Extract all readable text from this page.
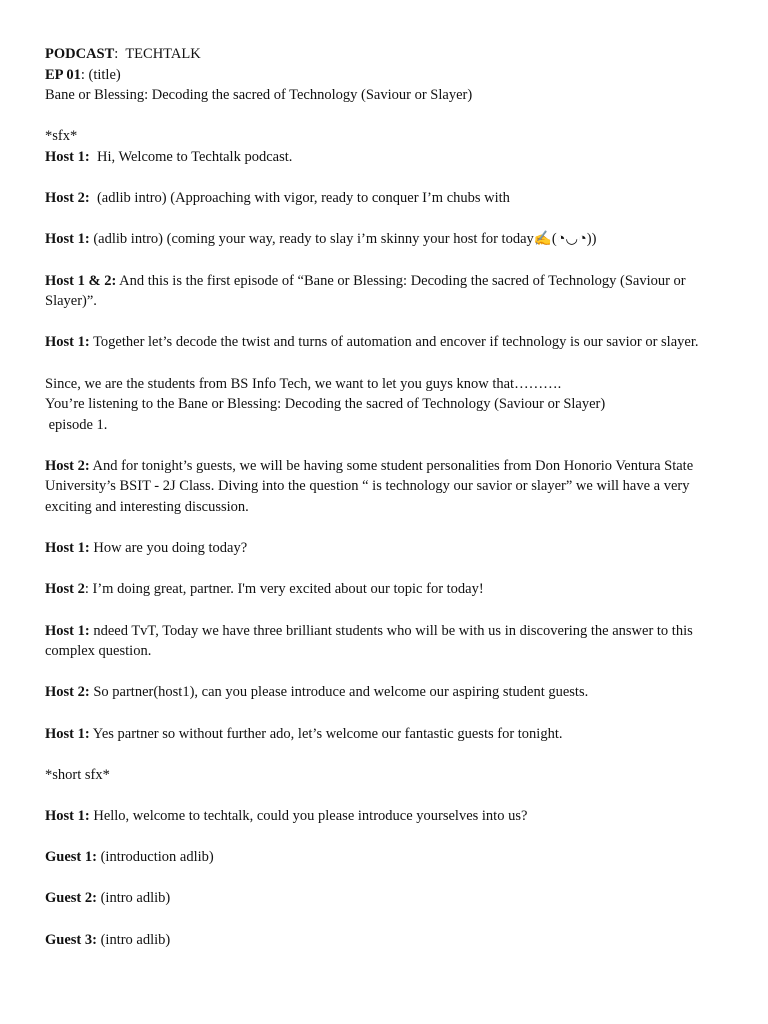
PODCAST:  TECHTALK
EP 01: (title)
Bane or Blessing: Decoding the sacred of Technology (Saviour or Slayer)
*sfx*
Host 1:  Hi, Welcome to Techtalk podcast.
Host 2:  (adlib intro) (Approaching with vigor, ready to conquer I’m chubs with
Host 1: (adlib intro) (coming your way, ready to slay i’m skinny your host for today✍️(◔◡◔))
Host 1 & 2: And this is the first episode of “Bane or Blessing: Decoding the sacred of Technology (Saviour or Slayer)”.
Host 1: Together let’s decode the twist and turns of automation and encover if technology is our savior or slayer.
Since, we are the students from BS Info Tech, we want to let you guys know that……….
You’re listening to the Bane or Blessing: Decoding the sacred of Technology (Saviour or Slayer)
episode 1.
Host 2: And for tonight’s guests, we will be having some student personalities from Don Honorio Ventura State University’s BSIT - 2J Class. Diving into the question “ is technology our savior or slayer” we will have a very exciting and interesting discussion.
Host 1: How are you doing today?
Host 2: I’m doing great, partner. I'm very excited about our topic for today!
Host 1: ndeed TvT, Today we have three brilliant students who will be with us in discovering the answer to this complex question.
Host 2: So partner(host1), can you please introduce and welcome our aspiring student guests.
Host 1: Yes partner so without further ado, let’s welcome our fantastic guests for tonight.
*short sfx*
Host 1: Hello, welcome to techtalk, could you please introduce yourselves into us?
Guest 1: (introduction adlib)
Guest 2: (intro adlib)
Guest 3: (intro adlib)
